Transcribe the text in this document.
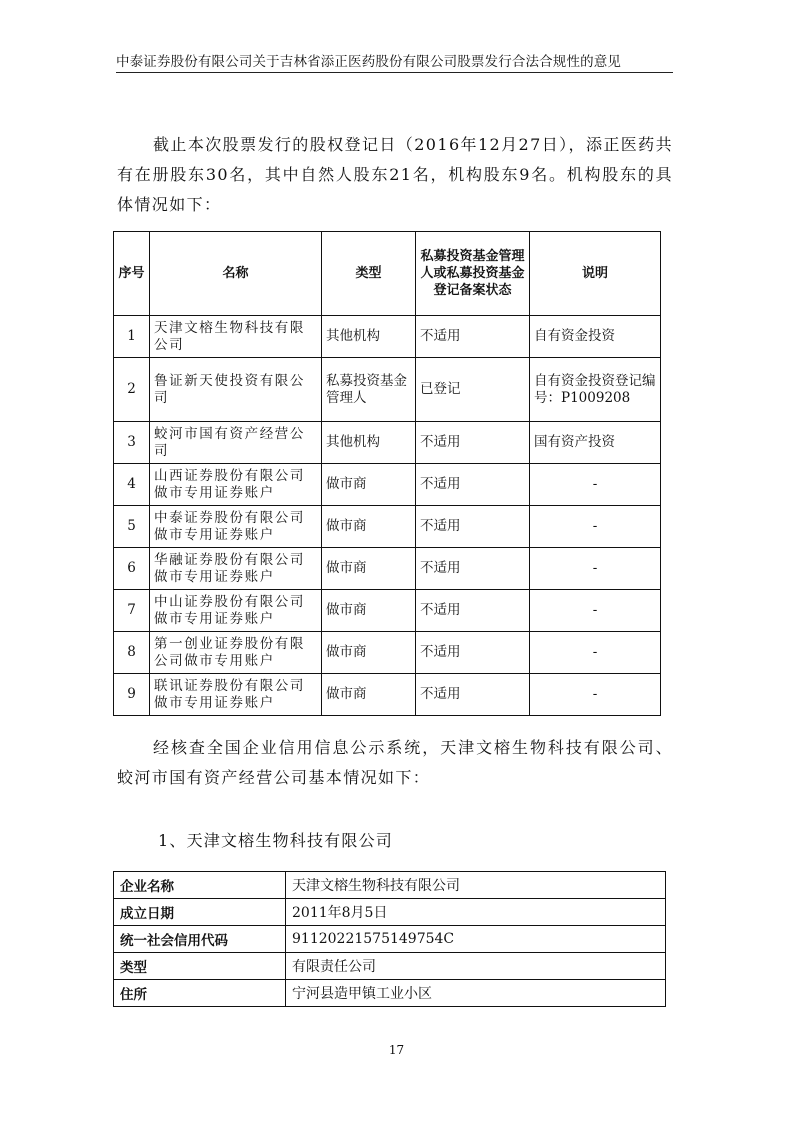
中泰证券股份有限公司关于吉林省添正医药股份有限公司股票发行合法合规性的意见

截止本次股票发行的股权登记日（2016年12月27日），添正医药共有在册股东30名，其中自然人股东21名，机构股东9名。机构股东的具体情况如下：

序号	名称	类型	私募投资基金管理人或私募投资基金登记备案状态	说明
1	天津文榕生物科技有限公司	其他机构	不适用	自有资金投资
2	鲁证新天使投资有限公司	私募投资基金管理人	已登记	自有资金投资登记编号：P1009208
3	蛟河市国有资产经营公司	其他机构	不适用	国有资产投资
4	山西证券股份有限公司做市专用证券账户	做市商	不适用	-
5	中泰证券股份有限公司做市专用证券账户	做市商	不适用	-
6	华融证券股份有限公司做市专用证券账户	做市商	不适用	-
7	中山证券股份有限公司做市专用证券账户	做市商	不适用	-
8	第一创业证券股份有限公司做市专用账户	做市商	不适用	-
9	联讯证券股份有限公司做市专用证券账户	做市商	不适用	-

经核查全国企业信用信息公示系统，天津文榕生物科技有限公司、蛟河市国有资产经营公司基本情况如下：

1、天津文榕生物科技有限公司
企业名称	天津文榕生物科技有限公司
成立日期	2011年8月5日
统一社会信用代码	91120221575149754C
类型	有限责任公司
住所	宁河县造甲镇工业小区
17
